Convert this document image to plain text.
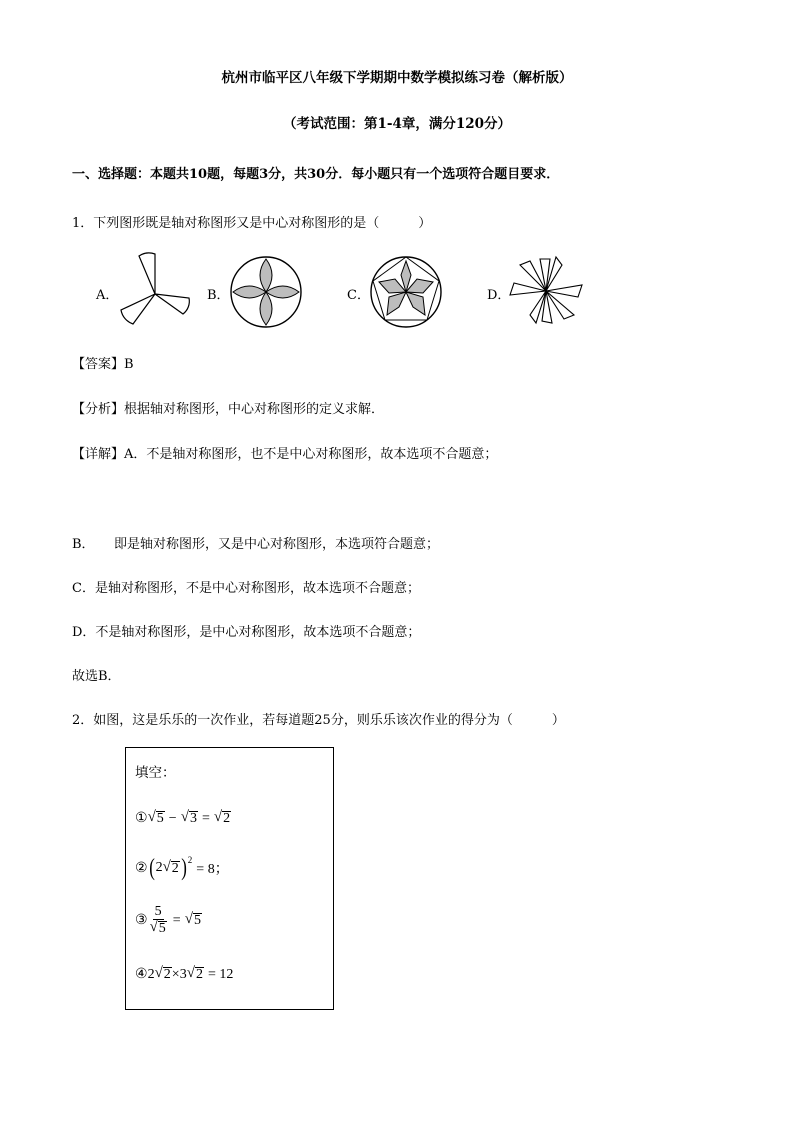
杭州市临平区八年级下学期期中数学模拟练习卷（解析版）
（考试范围：第1-4章，满分120分）
一、选择题：本题共10题，每题3分，共30分．每小题只有一个选项符合题目要求．
1．下列图形既是轴对称图形又是中心对称图形的是（　　　）
A．	B．	C．	D．
【答案】B
【分析】根据轴对称图形，中心对称图形的定义求解．
【详解】A．不是轴对称图形，也不是中心对称图形，故本选项不合题意；
B． 即是轴对称图形，又是中心对称图形，本选项符合题意；
C．是轴对称图形，不是中心对称图形，故本选项不合题意；
D．不是轴对称图形，是中心对称图形，故本选项不合题意；
故选B．
2．如图，这是乐乐的一次作业，若每道题25分，则乐乐该次作业的得分为（　　　）
填空：
① √ 5 − √ 3 = √ 2
② ( 2 √ 2 )$^2$
= 8；
③ $\frac{5}{√ 5}$ = √ 5
④ 2 √ 2 ×3 √ 2 = 12
